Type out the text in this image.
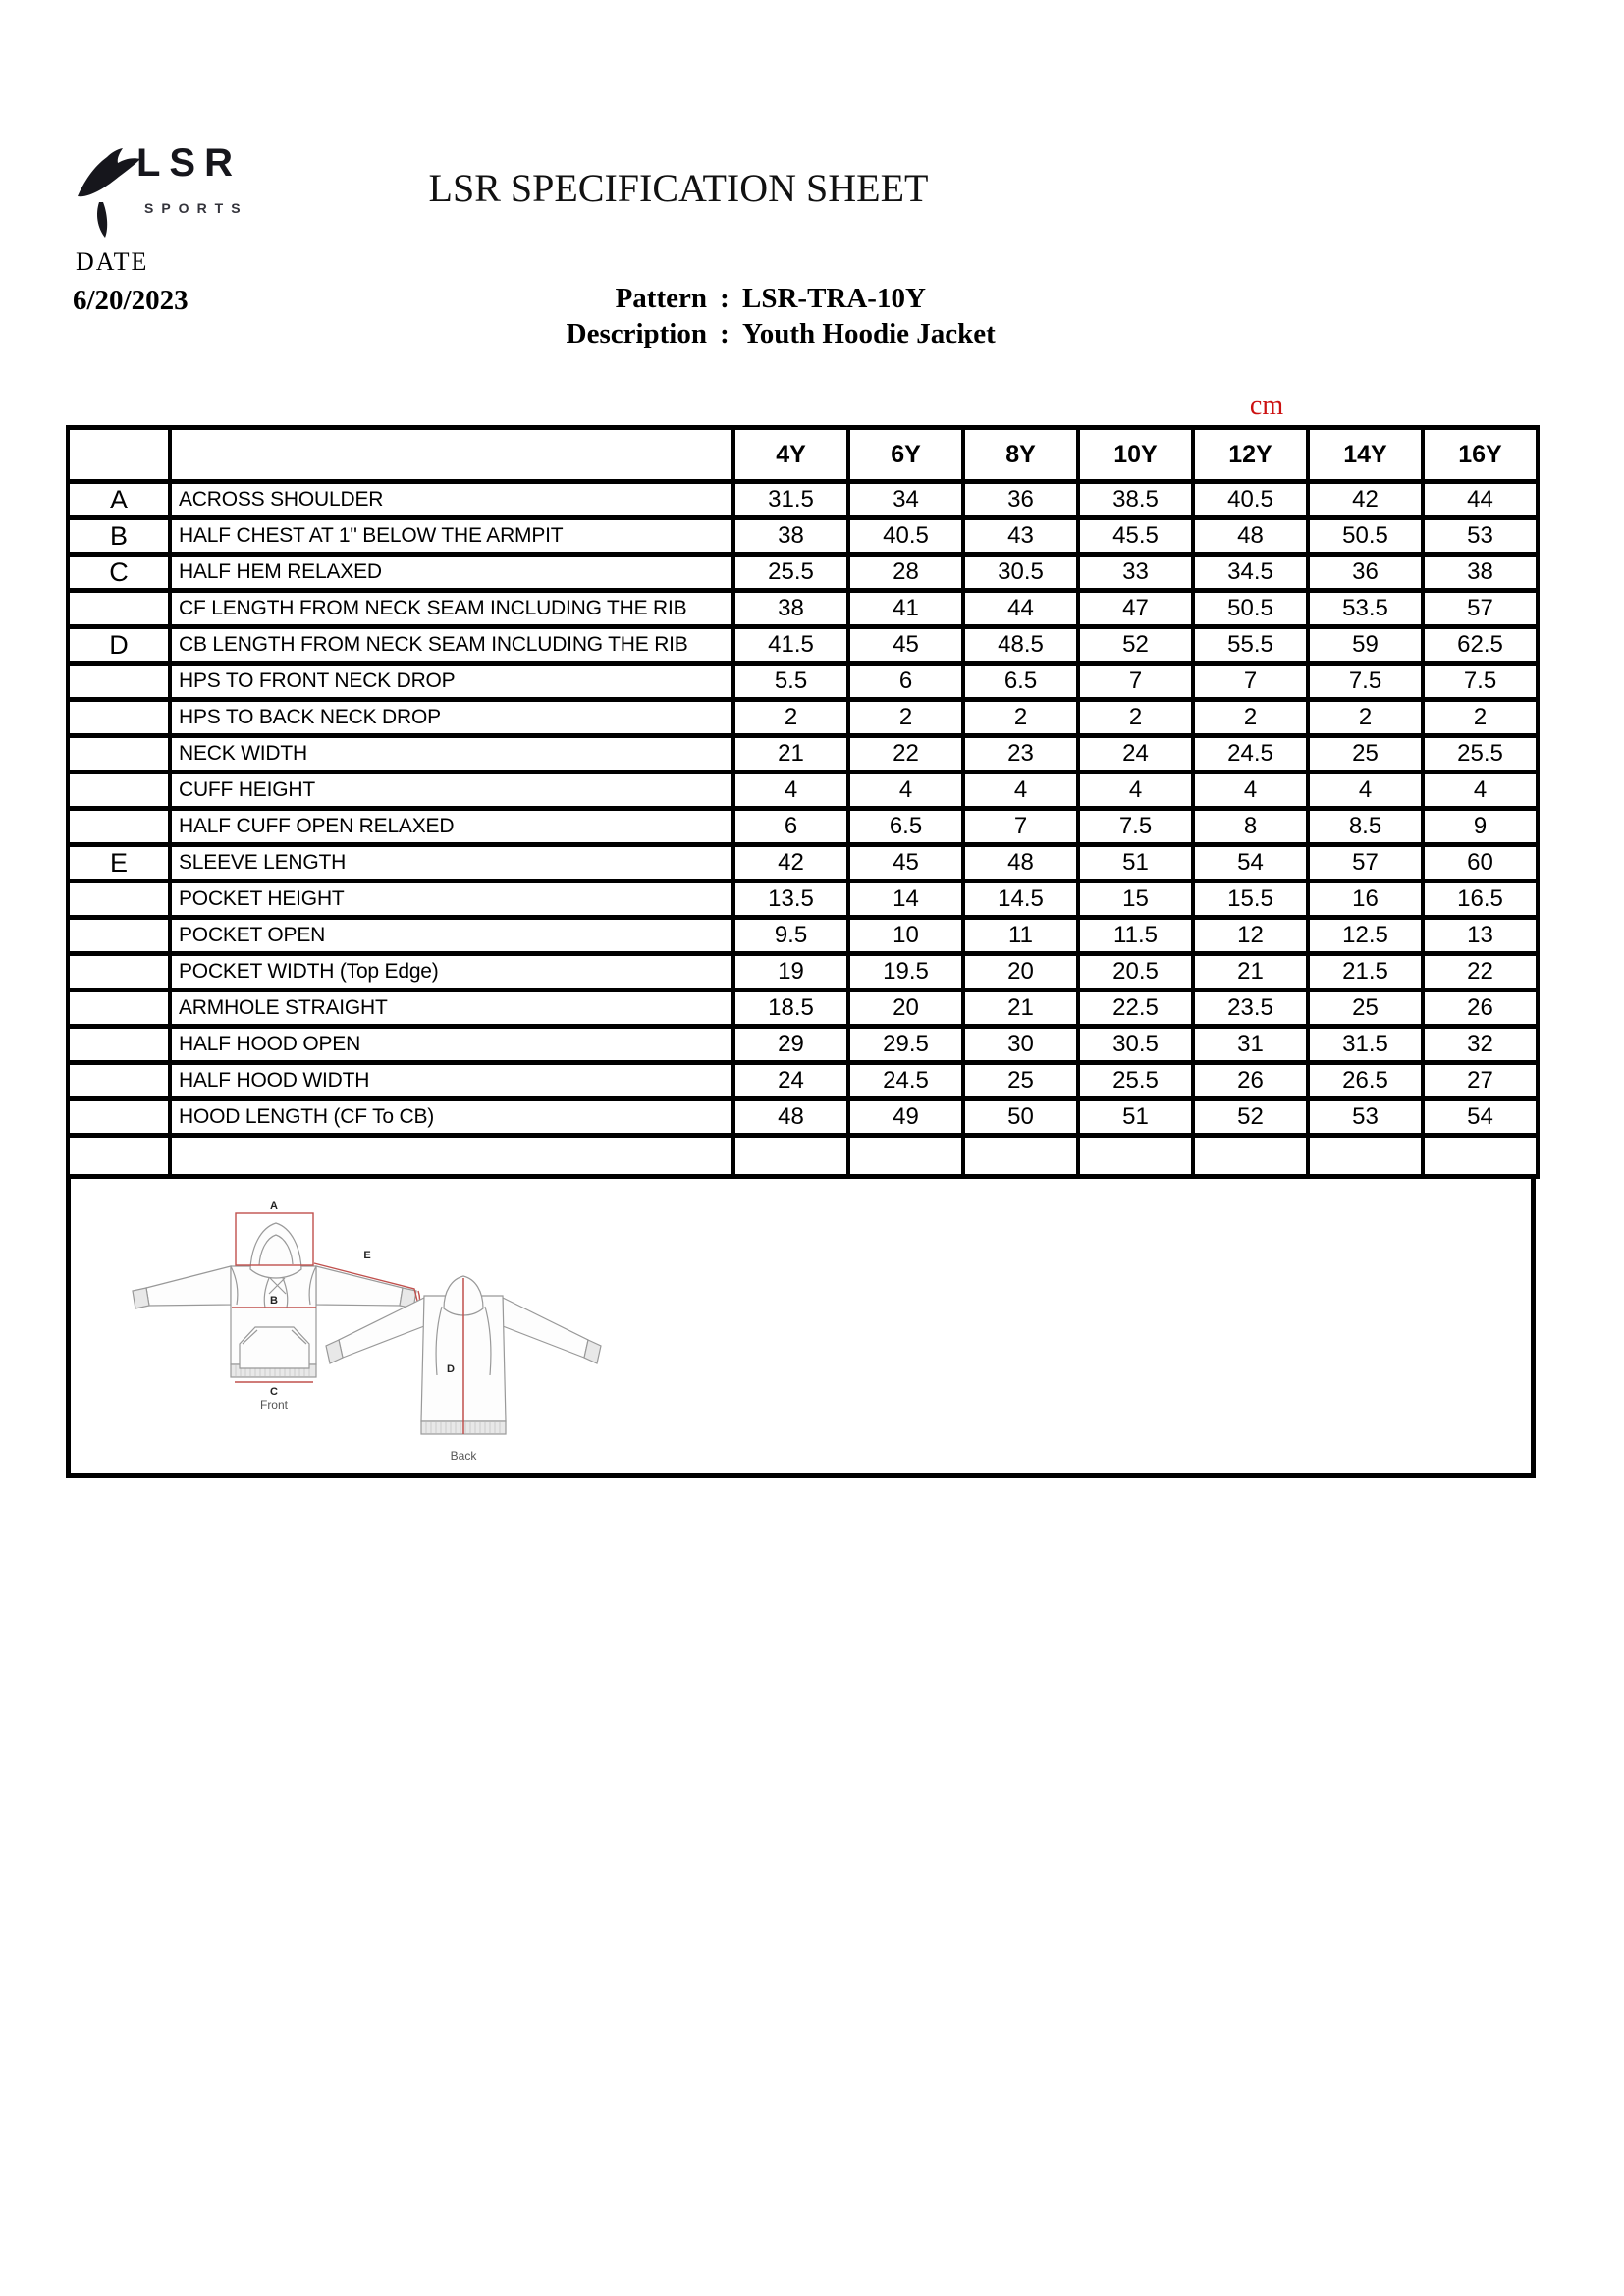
LSR
SPORTS	LSR SPECIFICATION SHEET
DATE
6/20/2023	Pattern : LSR-TRA-10Y
Description : Youth Hoodie Jacket
cm
		4Y	6Y	8Y	10Y	12Y	14Y	16Y
A	ACROSS SHOULDER	31.5	34	36	38.5	40.5	42	44
B	HALF CHEST AT 1" BELOW THE ARMPIT	38	40.5	43	45.5	48	50.5	53
C	HALF HEM RELAXED	25.5	28	30.5	33	34.5	36	38
	CF LENGTH FROM NECK SEAM INCLUDING THE RIB	38	41	44	47	50.5	53.5	57
D	CB LENGTH FROM NECK SEAM INCLUDING THE RIB	41.5	45	48.5	52	55.5	59	62.5
	HPS TO FRONT NECK DROP	5.5	6	6.5	7	7	7.5	7.5
	HPS TO BACK NECK DROP	2	2	2	2	2	2	2
	NECK WIDTH	21	22	23	24	24.5	25	25.5
	CUFF HEIGHT	4	4	4	4	4	4	4
	HALF CUFF OPEN RELAXED	6	6.5	7	7.5	8	8.5	9
E	SLEEVE LENGTH	42	45	48	51	54	57	60
	POCKET HEIGHT	13.5	14	14.5	15	15.5	16	16.5
	POCKET OPEN	9.5	10	11	11.5	12	12.5	13
	POCKET WIDTH (Top Edge)	19	19.5	20	20.5	21	21.5	22
	ARMHOLE STRAIGHT	18.5	20	21	22.5	23.5	25	26
	HALF HOOD OPEN	29	29.5	30	30.5	31	31.5	32
	HALF HOOD WIDTH	24	24.5	25	25.5	26	26.5	27
	HOOD LENGTH (CF To CB)	48	49	50	51	52	53	54

A
B
C
E
Front
D
Back
